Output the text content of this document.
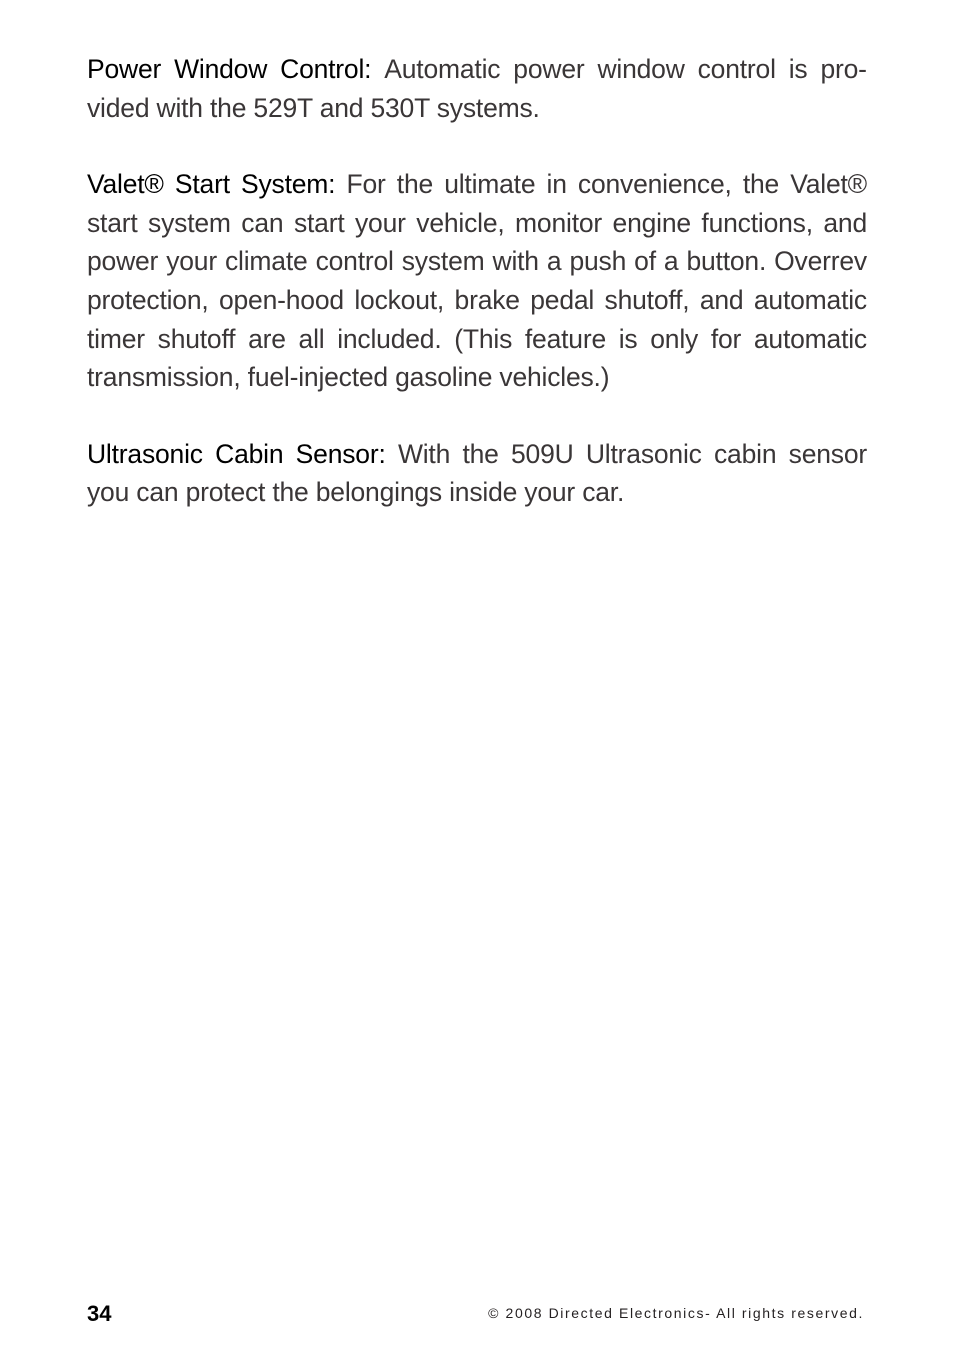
Power Window Control: Automatic power window control is provided with the 529T and 530T systems.

Valet® Start System: For the ultimate in convenience, the Valet® start system can start your vehicle, monitor engine functions, and power your climate control system with a push of a button. Overrev protection, open-hood lockout, brake pedal shutoff, and automatic timer shutoff are all included. (This feature is only for automatic transmission, fuel-injected gasoline vehicles.)

Ultrasonic Cabin Sensor: With the 509U Ultrasonic cabin sensor you can protect the belongings inside your car.

34	© 2008 Directed Electronics- All rights reserved.
